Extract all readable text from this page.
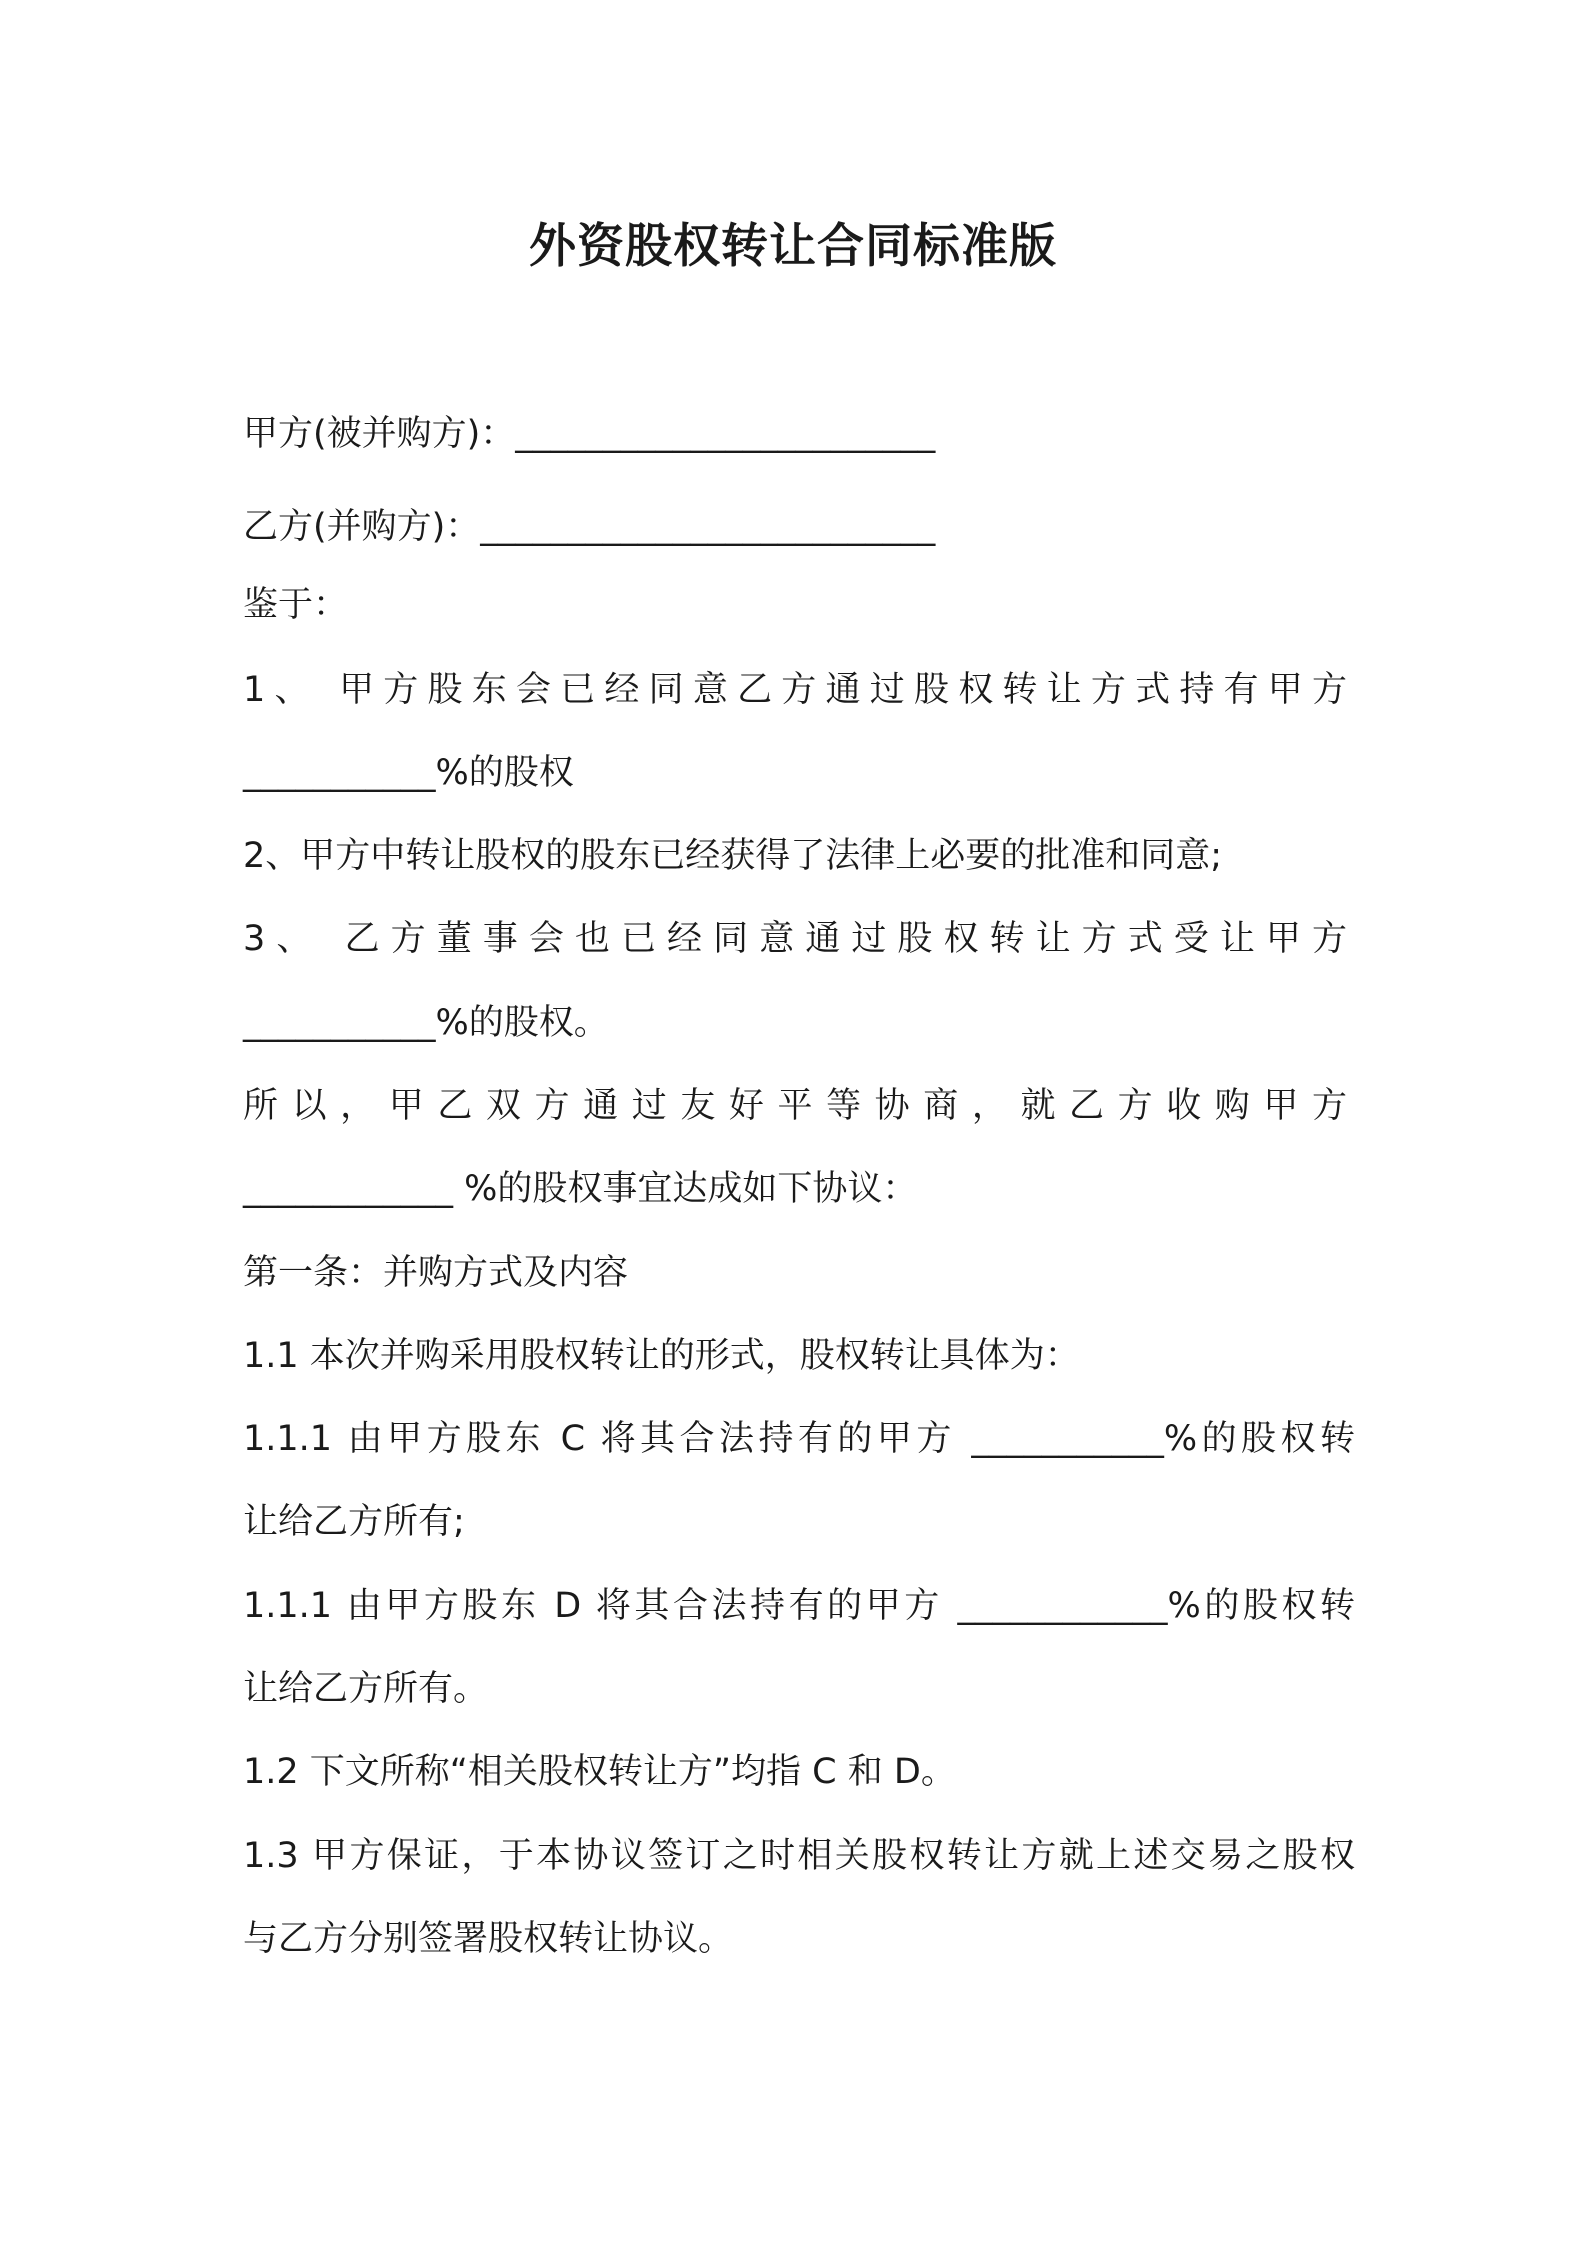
外资股权转让合同标准版
甲方(被并购方)：________________________
乙方(并购方)：__________________________
鉴于：
1、 甲方股东会已经同意乙方通过股权转让方式持有甲方
___________%的股权
2、甲方中转让股权的股东已经获得了法律上必要的批准和同意;
3、 乙方董事会也已经同意通过股权转让方式受让甲方
___________%的股权。
所以，甲乙双方通过友好平等协商，就乙方收购甲方
____________ %的股权事宜达成如下协议：
第一条：并购方式及内容
1.1 本次并购采用股权转让的形式，股权转让具体为：
1.1.1 由甲方股东 C 将其合法持有的甲方 ___________%的股权转
让给乙方所有;
1.1.1 由甲方股东 D 将其合法持有的甲方 ____________%的股权转
让给乙方所有。
1.2 下文所称“相关股权转让方”均指 C 和 D。
1.3 甲方保证，于本协议签订之时相关股权转让方就上述交易之股权
与乙方分别签署股权转让协议。
